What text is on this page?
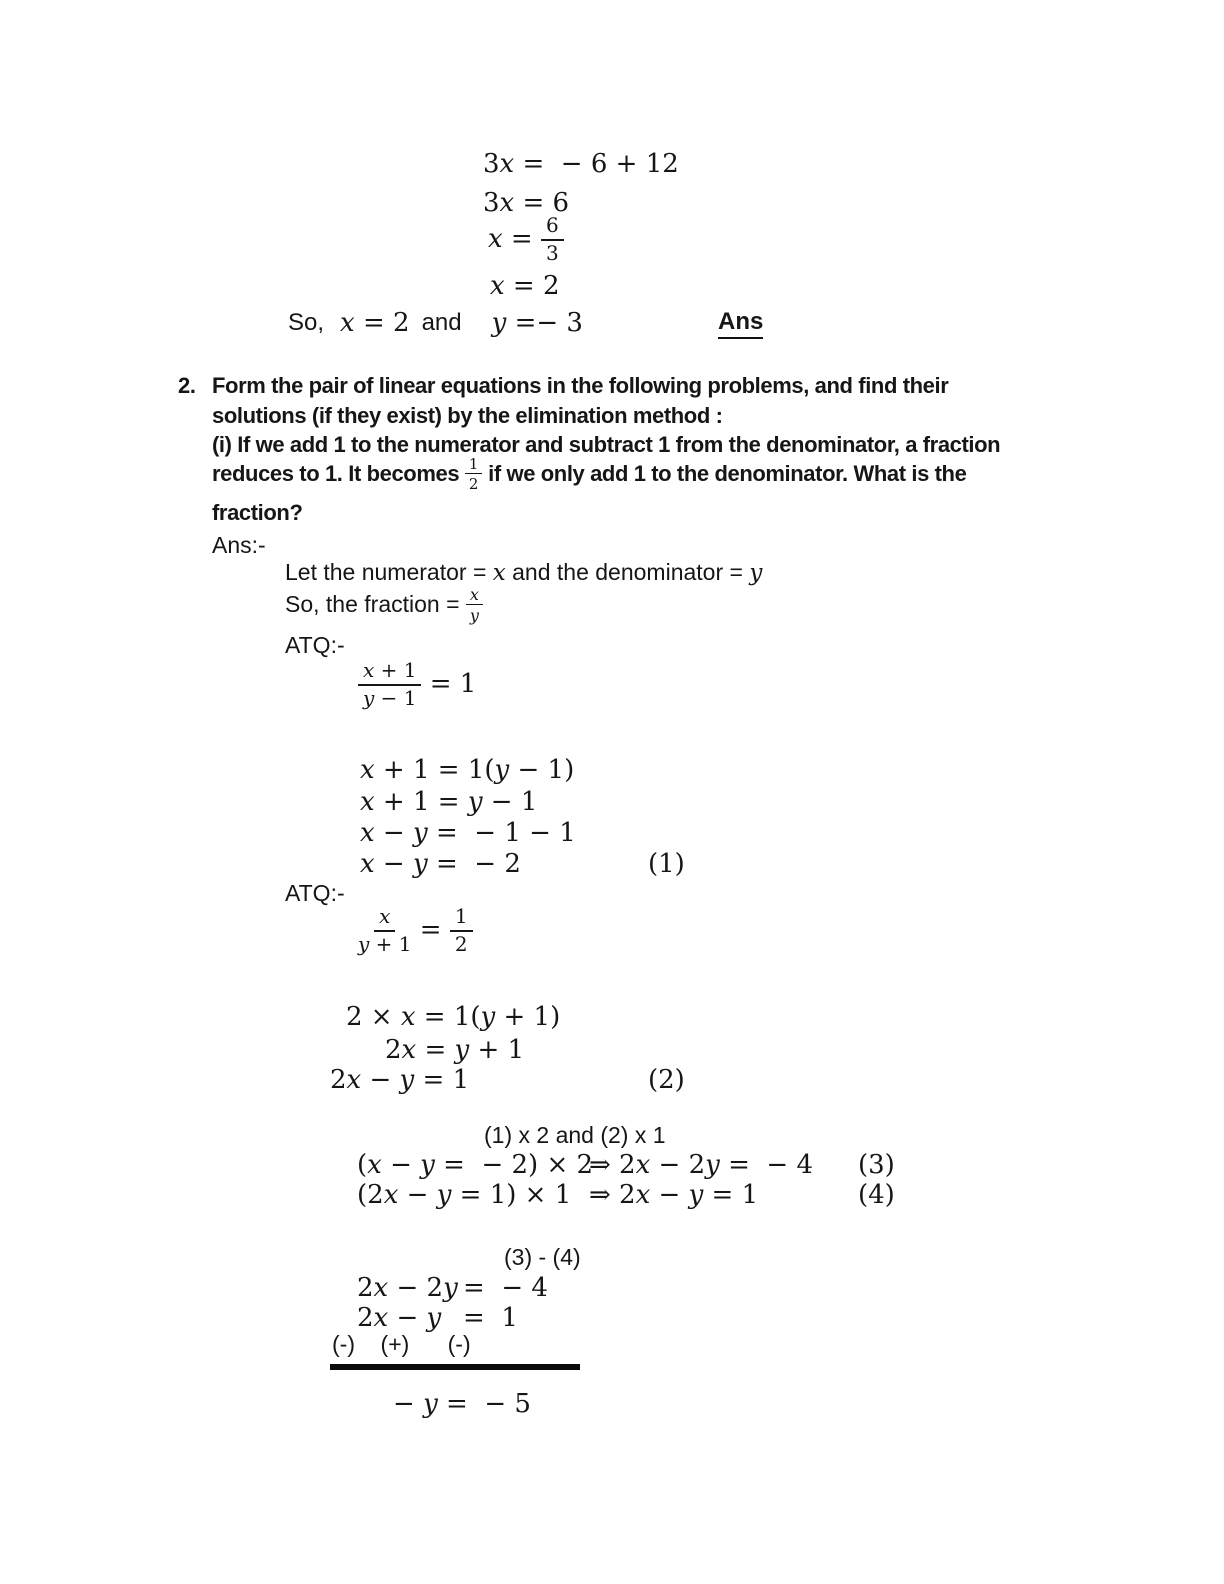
3x =  − 6 + 12
3x = 6
$x = \frac{6}{3}$
x = 2
So, x = 2 and y =− 3	Ans
2. Form the pair of linear equations in the following problems, and find their
solutions (if they exist) by the elimination method :
(i) If we add 1 to the numerator and subtract 1 from the denominator, a fraction
reduces to 1. It becomes $\frac{1}{2}$ if we only add 1 to the denominator. What is the
fraction?
Ans:-
Let the numerator = x and the denominator = y
So, the fraction = $\frac{x}{y}$
ATQ:-
$\frac{x + 1}{y - 1} = 1$
x + 1 = 1(y − 1)
x + 1 = y − 1
x − y =  − 1 − 1
x − y =  − 2	(1)
ATQ:-
$\frac{x}{y + 1} = \frac{1}{2}$
2 × x = 1(y + 1)
2x = y + 1
2x − y = 1	(2)
(1) x 2 and (2) x 1
(x − y =  − 2) × 2
⇒ 2x − 2y =  − 4 (3)
(2x − y = 1) × 1 ⇒ 2x − y = 1	(4)
(3) - (4)
2x − 2y =  − 4
2x − y =  1
(-)    (+)      (-)
− y =  − 5
